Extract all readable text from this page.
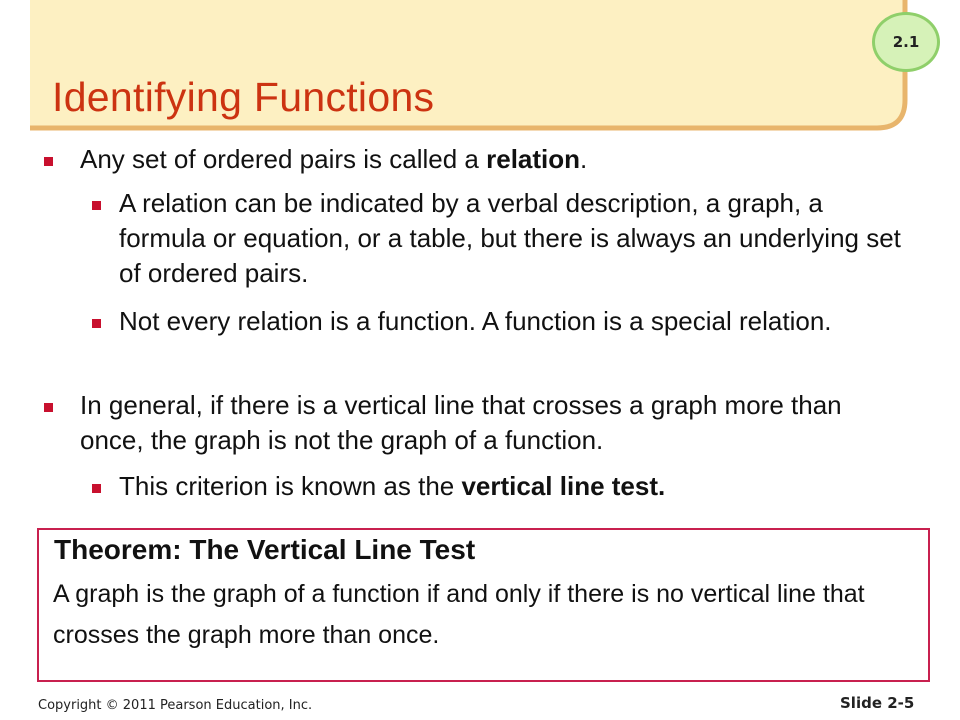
2.1
Identifying Functions

Any set of ordered pairs is called a relation.

A relation can be indicated by a verbal description, a graph, a formula or equation, or a table, but there is always an underlying set of ordered pairs.

Not every relation is a function. A function is a special relation.

In general, if there is a vertical line that crosses a graph more than once, the graph is not the graph of a function.

This criterion is known as the vertical line test.

Theorem: The Vertical Line Test

A graph is the graph of a function if and only if there is no vertical line that crosses the graph more than once.

Copyright © 2011 Pearson Education, Inc.	Slide 2-5
